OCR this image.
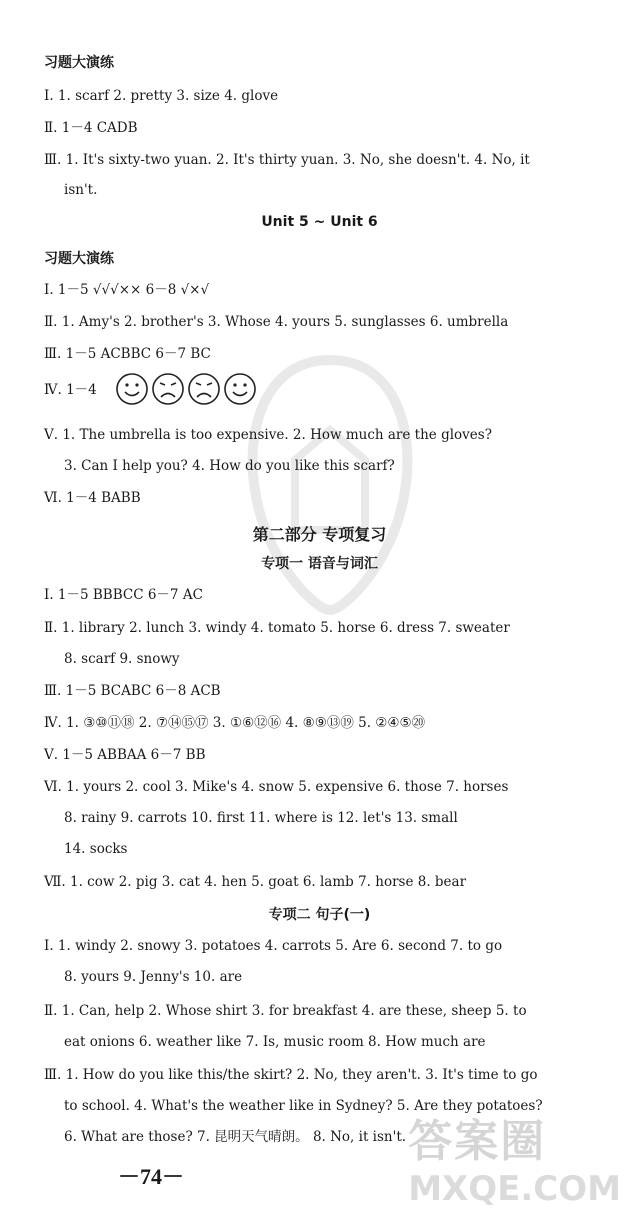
习题大演练
Ⅰ. 1. scarf 2. pretty 3. size 4. glove
Ⅱ. 1－4 CADB
Ⅲ. 1. It's sixty-two yuan. 2. It's thirty yuan. 3. No, she doesn't. 4. No, it
isn't.
Unit 5 ~ Unit 6
习题大演练
Ⅰ. 1－5 √√√×× 6－8 √×√
Ⅱ. 1. Amy's 2. brother's 3. Whose 4. yours 5. sunglasses 6. umbrella
Ⅲ. 1－5 ACBBC 6－7 BC
Ⅳ. 1－4
Ⅴ. 1. The umbrella is too expensive. 2. How much are the gloves?
3. Can I help you? 4. How do you like this scarf?
Ⅵ. 1－4 BABB
第二部分 专项复习
专项一 语音与词汇
Ⅰ. 1－5 BBBCC 6－7 AC
Ⅱ. 1. library 2. lunch 3. windy 4. tomato 5. horse 6. dress 7. sweater
8. scarf 9. snowy
Ⅲ. 1－5 BCABC 6－8 ACB
Ⅳ. 1. ③⑩⑪⑱ 2. ⑦⑭⑮⑰ 3. ①⑥⑫⑯ 4. ⑧⑨⑬⑲ 5. ②④⑤⑳
Ⅴ. 1－5 ABBAA 6－7 BB
Ⅵ. 1. yours 2. cool 3. Mike's 4. snow 5. expensive 6. those 7. horses
8. rainy 9. carrots 10. first 11. where is 12. let's 13. small
14. socks
Ⅶ. 1. cow 2. pig 3. cat 4. hen 5. goat 6. lamb 7. horse 8. bear
专项二 句子(一)
Ⅰ. 1. windy 2. snowy 3. potatoes 4. carrots 5. Are 6. second 7. to go
8. yours 9. Jenny's 10. are
Ⅱ. 1. Can, help 2. Whose shirt 3. for breakfast 4. are these, sheep 5. to
eat onions 6. weather like 7. Is, music room 8. How much are
Ⅲ. 1. How do you like this/the skirt? 2. No, they aren't. 3. It's time to go
to school. 4. What's the weather like in Sydney? 5. Are they potatoes?
6. What are those? 7. 昆明天气晴朗。 8. No, it isn't.
－74－
答案圈
MXQE.COM
